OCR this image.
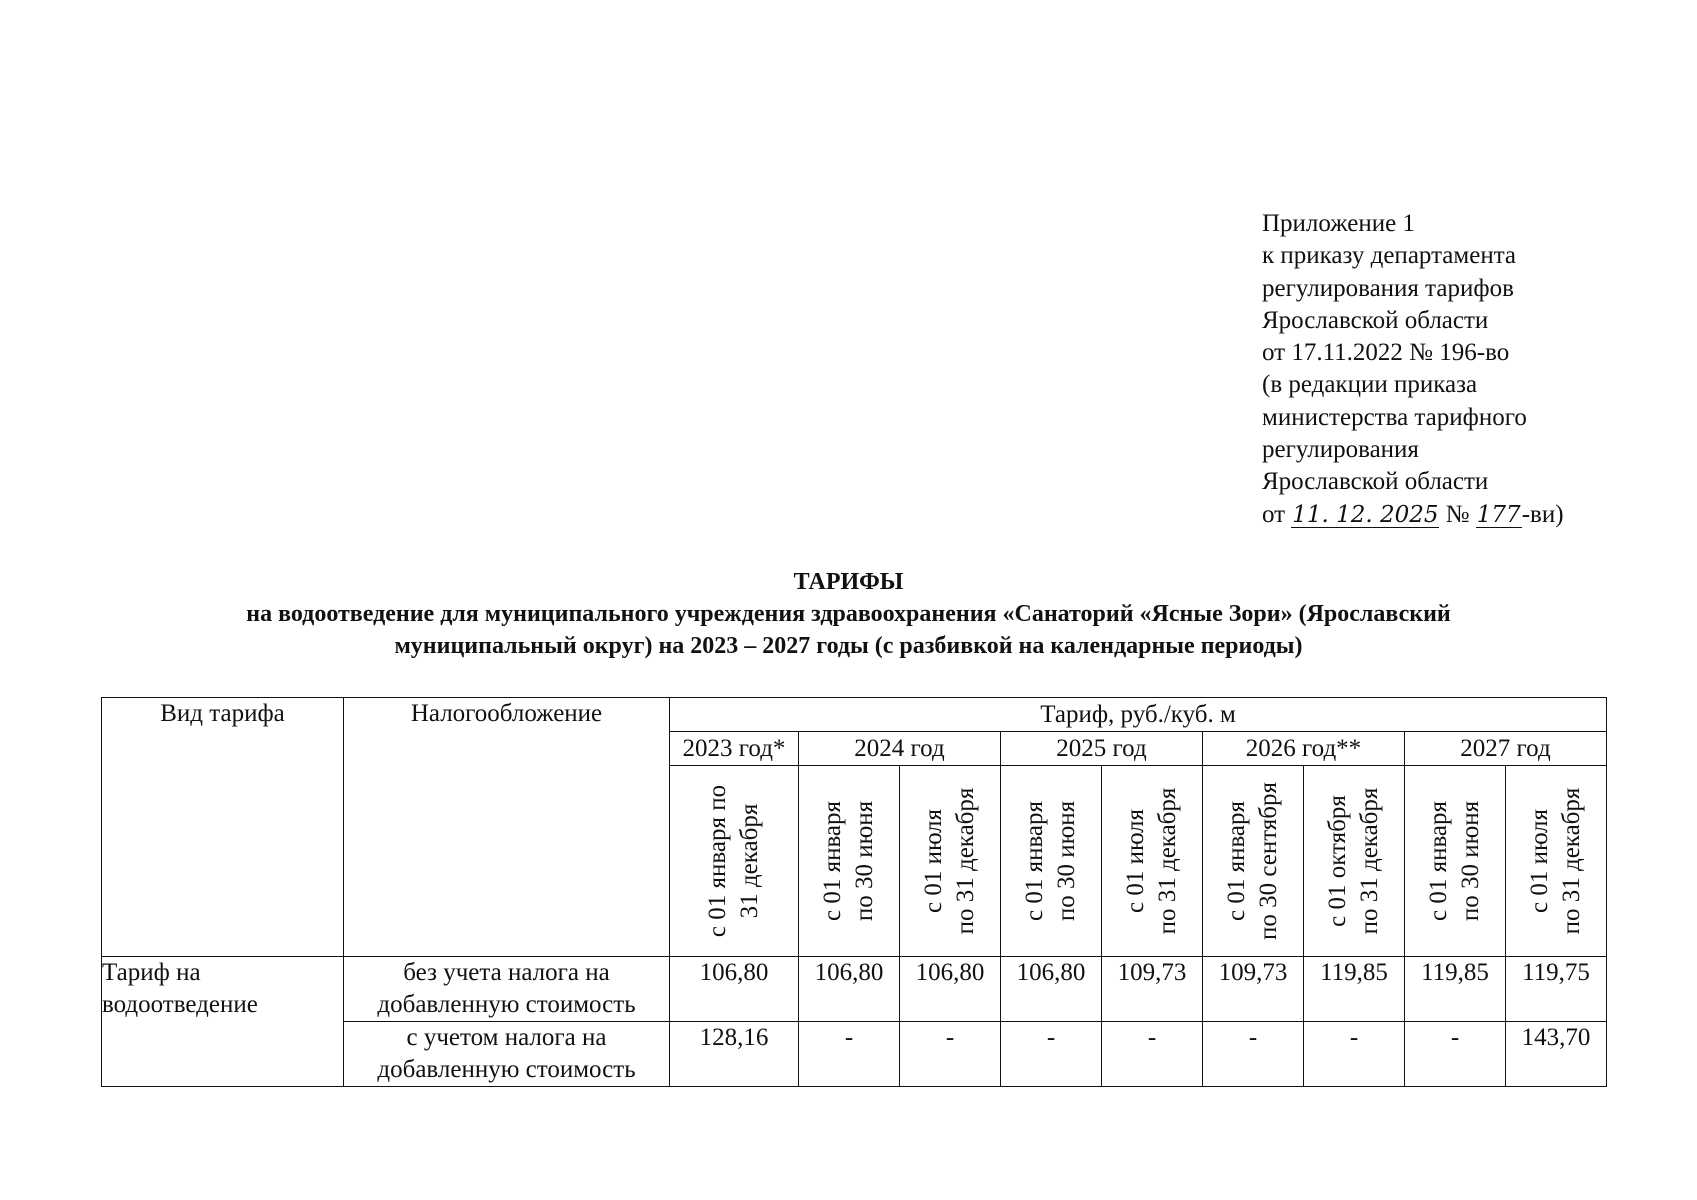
Приложение 1
к приказу департамента
регулирования тарифов
Ярославской области
от 17.11.2022 № 196-во
(в редакции приказа
министерства тарифного
регулирования
Ярославской области
от 11. 12. 2025 № 177-ви)
ТАРИФЫ
на водоотведение для муниципального учреждения здравоохранения «Санаторий «Ясные Зори» (Ярославский
муниципальный округ) на 2023 – 2027 годы (с разбивкой на календарные периоды)
Вид тарифа	Налогообложение	Тариф, руб./куб. м								
		2023 год*	2024 год		2025 год		2026 год**		2027 год	

		с 01 января по 31 декабря	с 01 января по 30 июня	с 01 июля по 31 декабря	с 01 января по 30 июня	с 01 июля по 31 декабря	с 01 января по 30 сентября	с 01 октября по 31 декабря	с 01 января по 30 июня	с 01 июля по 31 декабря

Тариф на водоотведение	без учета налога на добавленную стоимость	106,80	106,80	106,80	106,80	109,73	109,73	119,85	119,85	119,75
	с учетом налога на добавленную стоимость	128,16	-	-	-	-	-	-	-	143,70
